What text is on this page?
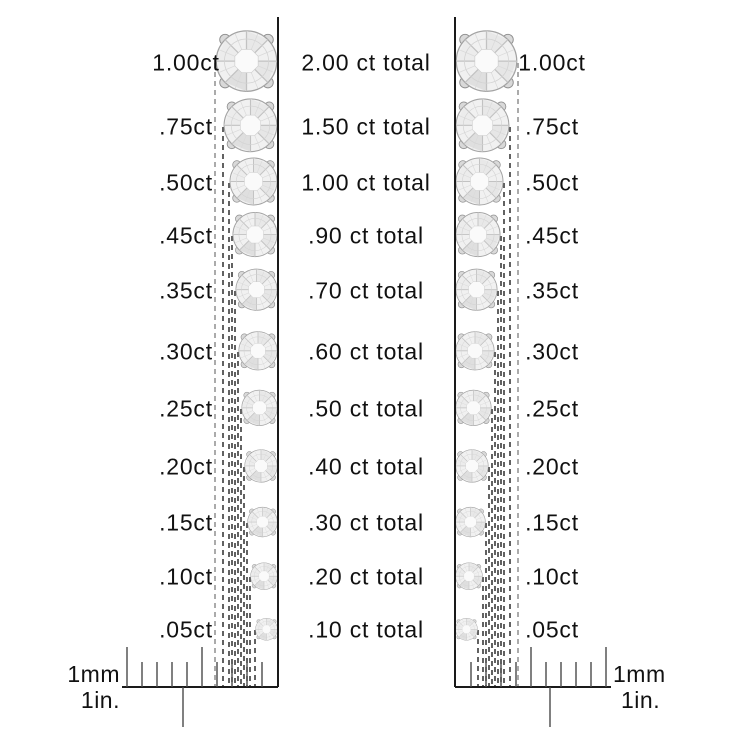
1.00ct	2.00 ct total	1.00ct
.75ct	1.50 ct total	.75ct
.50ct	1.00 ct total	.50ct
.45ct	.90 ct total	.45ct
.35ct	.70 ct total	.35ct
.30ct	.60 ct total	.30ct
.25ct	.50 ct total	.25ct
.20ct	.40 ct total	.20ct
.15ct	.30 ct total	.15ct
.10ct	.20 ct total	.10ct
.05ct	.10 ct total	.05ct
1mm
1in.
1mm
1in.
